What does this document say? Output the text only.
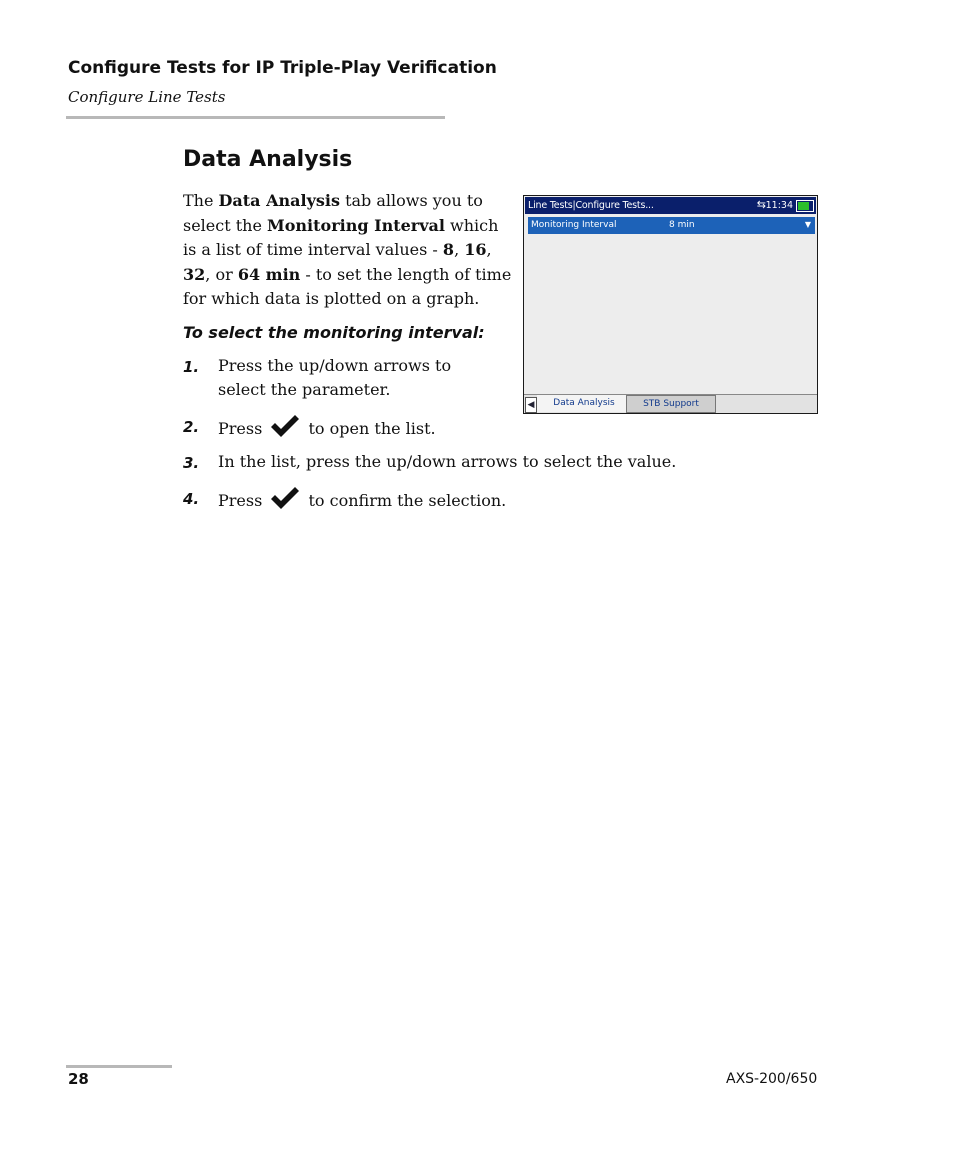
Configure Tests for IP Triple-Play Verification
Configure Line Tests
Data Analysis
The Data Analysis tab allows you to select the Monitoring Interval which is a list of time interval values - 8, 16, 32, or 64 min - to set the length of time for which data is plotted on a graph.
To select the monitoring interval:
1. Press the up/down arrows to
select the parameter.
2. Press	to open the list.
3. In the list, press the up/down arrows to select the value.
4. Press	to confirm the selection.
Line Tests|Configure Tests...	⇆ 11:34
Monitoring Interval	8 min	▼
◀	Data Analysis	STB Support
28	AXS-200/650
